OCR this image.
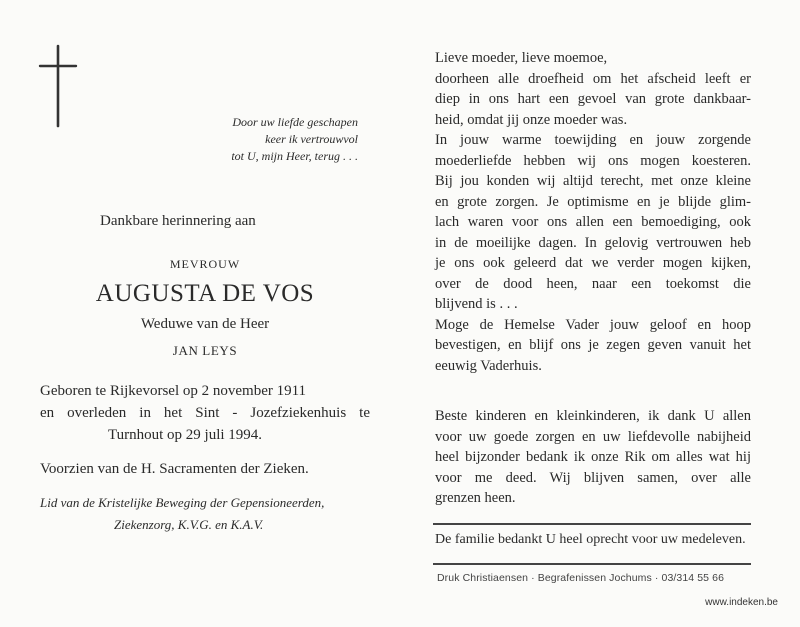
Door uw liefde geschapen
keer ik vertrouwvol
tot U, mijn Heer, terug . . .
Dankbare herinnering aan
MEVROUW
AUGUSTA DE VOS
Weduwe van de Heer
JAN LEYS
Geboren te Rijkevorsel op 2 november 1911
en overleden in het Sint - Jozefziekenhuis te
Turnhout op 29 juli 1994.
Voorzien van de H. Sacramenten der Zieken.
Lid van de Kristelijke Beweging der Gepensioneerden,
Ziekenzorg, K.V.G. en K.A.V.
Lieve moeder, lieve moemoe,
doorheen alle droefheid om het afscheid leeft er
diep in ons hart een gevoel van grote dankbaar-
heid, omdat jij onze moeder was.
In jouw warme toewijding en jouw zorgende
moederliefde hebben wij ons mogen koesteren.
Bij jou konden wij altijd terecht, met onze kleine
en grote zorgen. Je optimisme en je blijde glim-
lach waren voor ons allen een bemoediging, ook
in de moeilijke dagen. In gelovig vertrouwen heb
je ons ook geleerd dat we verder mogen kijken,
over de dood heen, naar een toekomst die
blijvend is . . .
Moge de Hemelse Vader jouw geloof en hoop
bevestigen, en blijf ons je zegen geven vanuit het
eeuwig Vaderhuis.
Beste kinderen en kleinkinderen, ik dank U allen
voor uw goede zorgen en uw liefdevolle nabijheid
heel bijzonder bedank ik onze Rik om alles wat hij
voor me deed. Wij blijven samen, over alle
grenzen heen.
De familie bedankt U heel oprecht voor uw medeleven.
Druk Christiaensen · Begrafenissen Jochums · 03/314 55 66
www.indeken.be
